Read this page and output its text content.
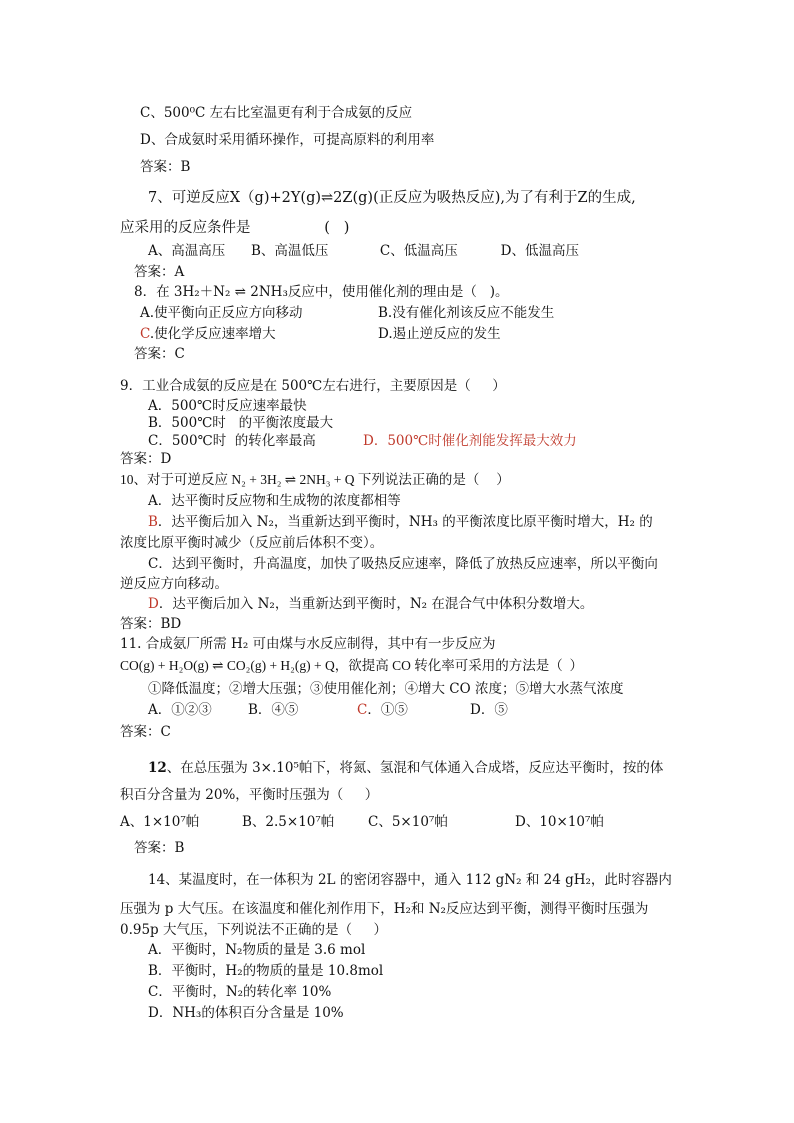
C、500⁰C 左右比室温更有利于合成氨的反应
D、合成氨时采用循环操作，可提高原料的利用率
答案：B
7、可逆反应X（g)+2Y(g)⇌2Z(g)(正反应为吸热反应),为了有利于Z的生成,
应采用的反应条件是                (   )
A、高温高压      B、高温低压            C、低温高压          D、低温高压
答案：A
8．在 3H₂＋N₂ ⇌ 2NH₃反应中，使用催化剂的理由是（   )。
A.使平衡向正反应方向移动	B.没有催化剂该反应不能发生
C.使化学反应速率增大	D.遏止逆反应的发生
答案：C
9．工业合成氨的反应是在 500℃左右进行，主要原因是（     ）
A．500℃时反应速率最快
B．500℃时   的平衡浓度最大
C．500℃时  的转化率最高	D．500℃时催化剂能发挥最大效力
答案：D
10、对于可逆反应 N₂ + 3H₂ ⇌ 2NH₃ + Q 下列说法正确的是（     ）
A．达平衡时反应物和生成物的浓度都相等
B．达平衡后加入 N₂，当重新达到平衡时，NH₃ 的平衡浓度比原平衡时增大，H₂ 的
浓度比原平衡时减少（反应前后体积不变）。
C．达到平衡时，升高温度，加快了吸热反应速率，降低了放热反应速率，所以平衡向
逆反应方向移动。
D．达平衡后加入 N₂，当重新达到平衡时，N₂ 在混合气中体积分数增大。
答案：BD
11. 合成氨厂所需 H₂ 可由煤与水反应制得，其中有一步反应为
CO(g) + H₂O(g) ⇌ CO₂(g) + H₂(g) + Q，欲提高 CO 转化率可采用的方法是（  ）
①降低温度；②增大压强；③使用催化剂；④增大 CO 浓度；⑤增大水蒸气浓度
A．①②③	B．④⑤	C．①⑤	D．⑤
答案：C
12、在总压强为 3×.10⁵帕下，将氮、氢混和气体通入合成塔，反应达平衡时，按的体
积百分含量为 20%，平衡时压强为（     ）
A、1×10⁷帕	B、2.5×10⁷帕 C、5×10⁷帕	D、10×10⁷帕
答案：B
14、某温度时，在一体积为 2L 的密闭容器中，通入 112 gN₂ 和 24 gH₂，此时容器内
压强为 p 大气压。在该温度和催化剂作用下，H₂和 N₂反应达到平衡，测得平衡时压强为
0.95p 大气压，下列说法不正确的是（     ）
A．平衡时，N₂物质的量是 3.6 mol
B．平衡时，H₂的物质的量是 10.8mol
C．平衡时，N₂的转化率 10%
D．NH₃的体积百分含量是 10%
